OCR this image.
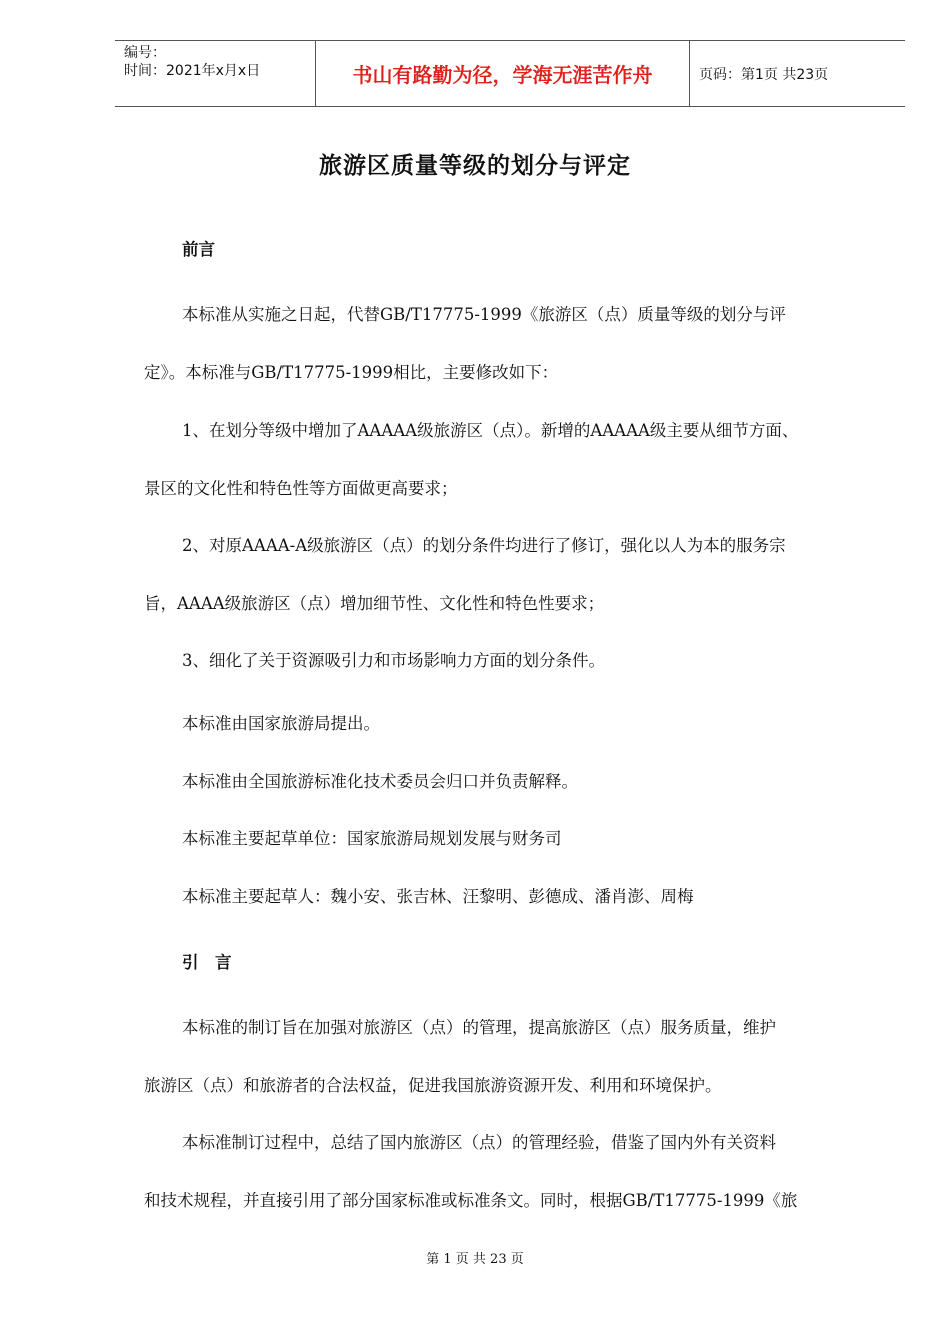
编号：
时间：2021年x月x日	书山有路勤为径，学海无涯苦作舟	页码：第1页 共23页
旅游区质量等级的划分与评定
前言
本标准从实施之日起，代替GB/T17775-1999《旅游区（点）质量等级的划分与评
定》。本标准与GB/T17775-1999相比，主要修改如下：
1、在划分等级中增加了AAAAA级旅游区（点）。新增的AAAAA级主要从细节方面、
景区的文化性和特色性等方面做更高要求；
2、对原AAAA-A级旅游区（点）的划分条件均进行了修订，强化以人为本的服务宗
旨，AAAA级旅游区（点）增加细节性、文化性和特色性要求；
3、细化了关于资源吸引力和市场影响力方面的划分条件。
本标准由国家旅游局提出。
本标准由全国旅游标准化技术委员会归口并负责解释。
本标准主要起草单位：国家旅游局规划发展与财务司
本标准主要起草人：魏小安、张吉林、汪黎明、彭德成、潘肖澎、周梅
引　言
本标准的制订旨在加强对旅游区（点）的管理，提高旅游区（点）服务质量，维护
旅游区（点）和旅游者的合法权益，促进我国旅游资源开发、利用和环境保护。
本标准制订过程中，总结了国内旅游区（点）的管理经验，借鉴了国内外有关资料
和技术规程，并直接引用了部分国家标准或标准条文。同时，根据GB/T17775-1999《旅
第 1 页 共 23 页
